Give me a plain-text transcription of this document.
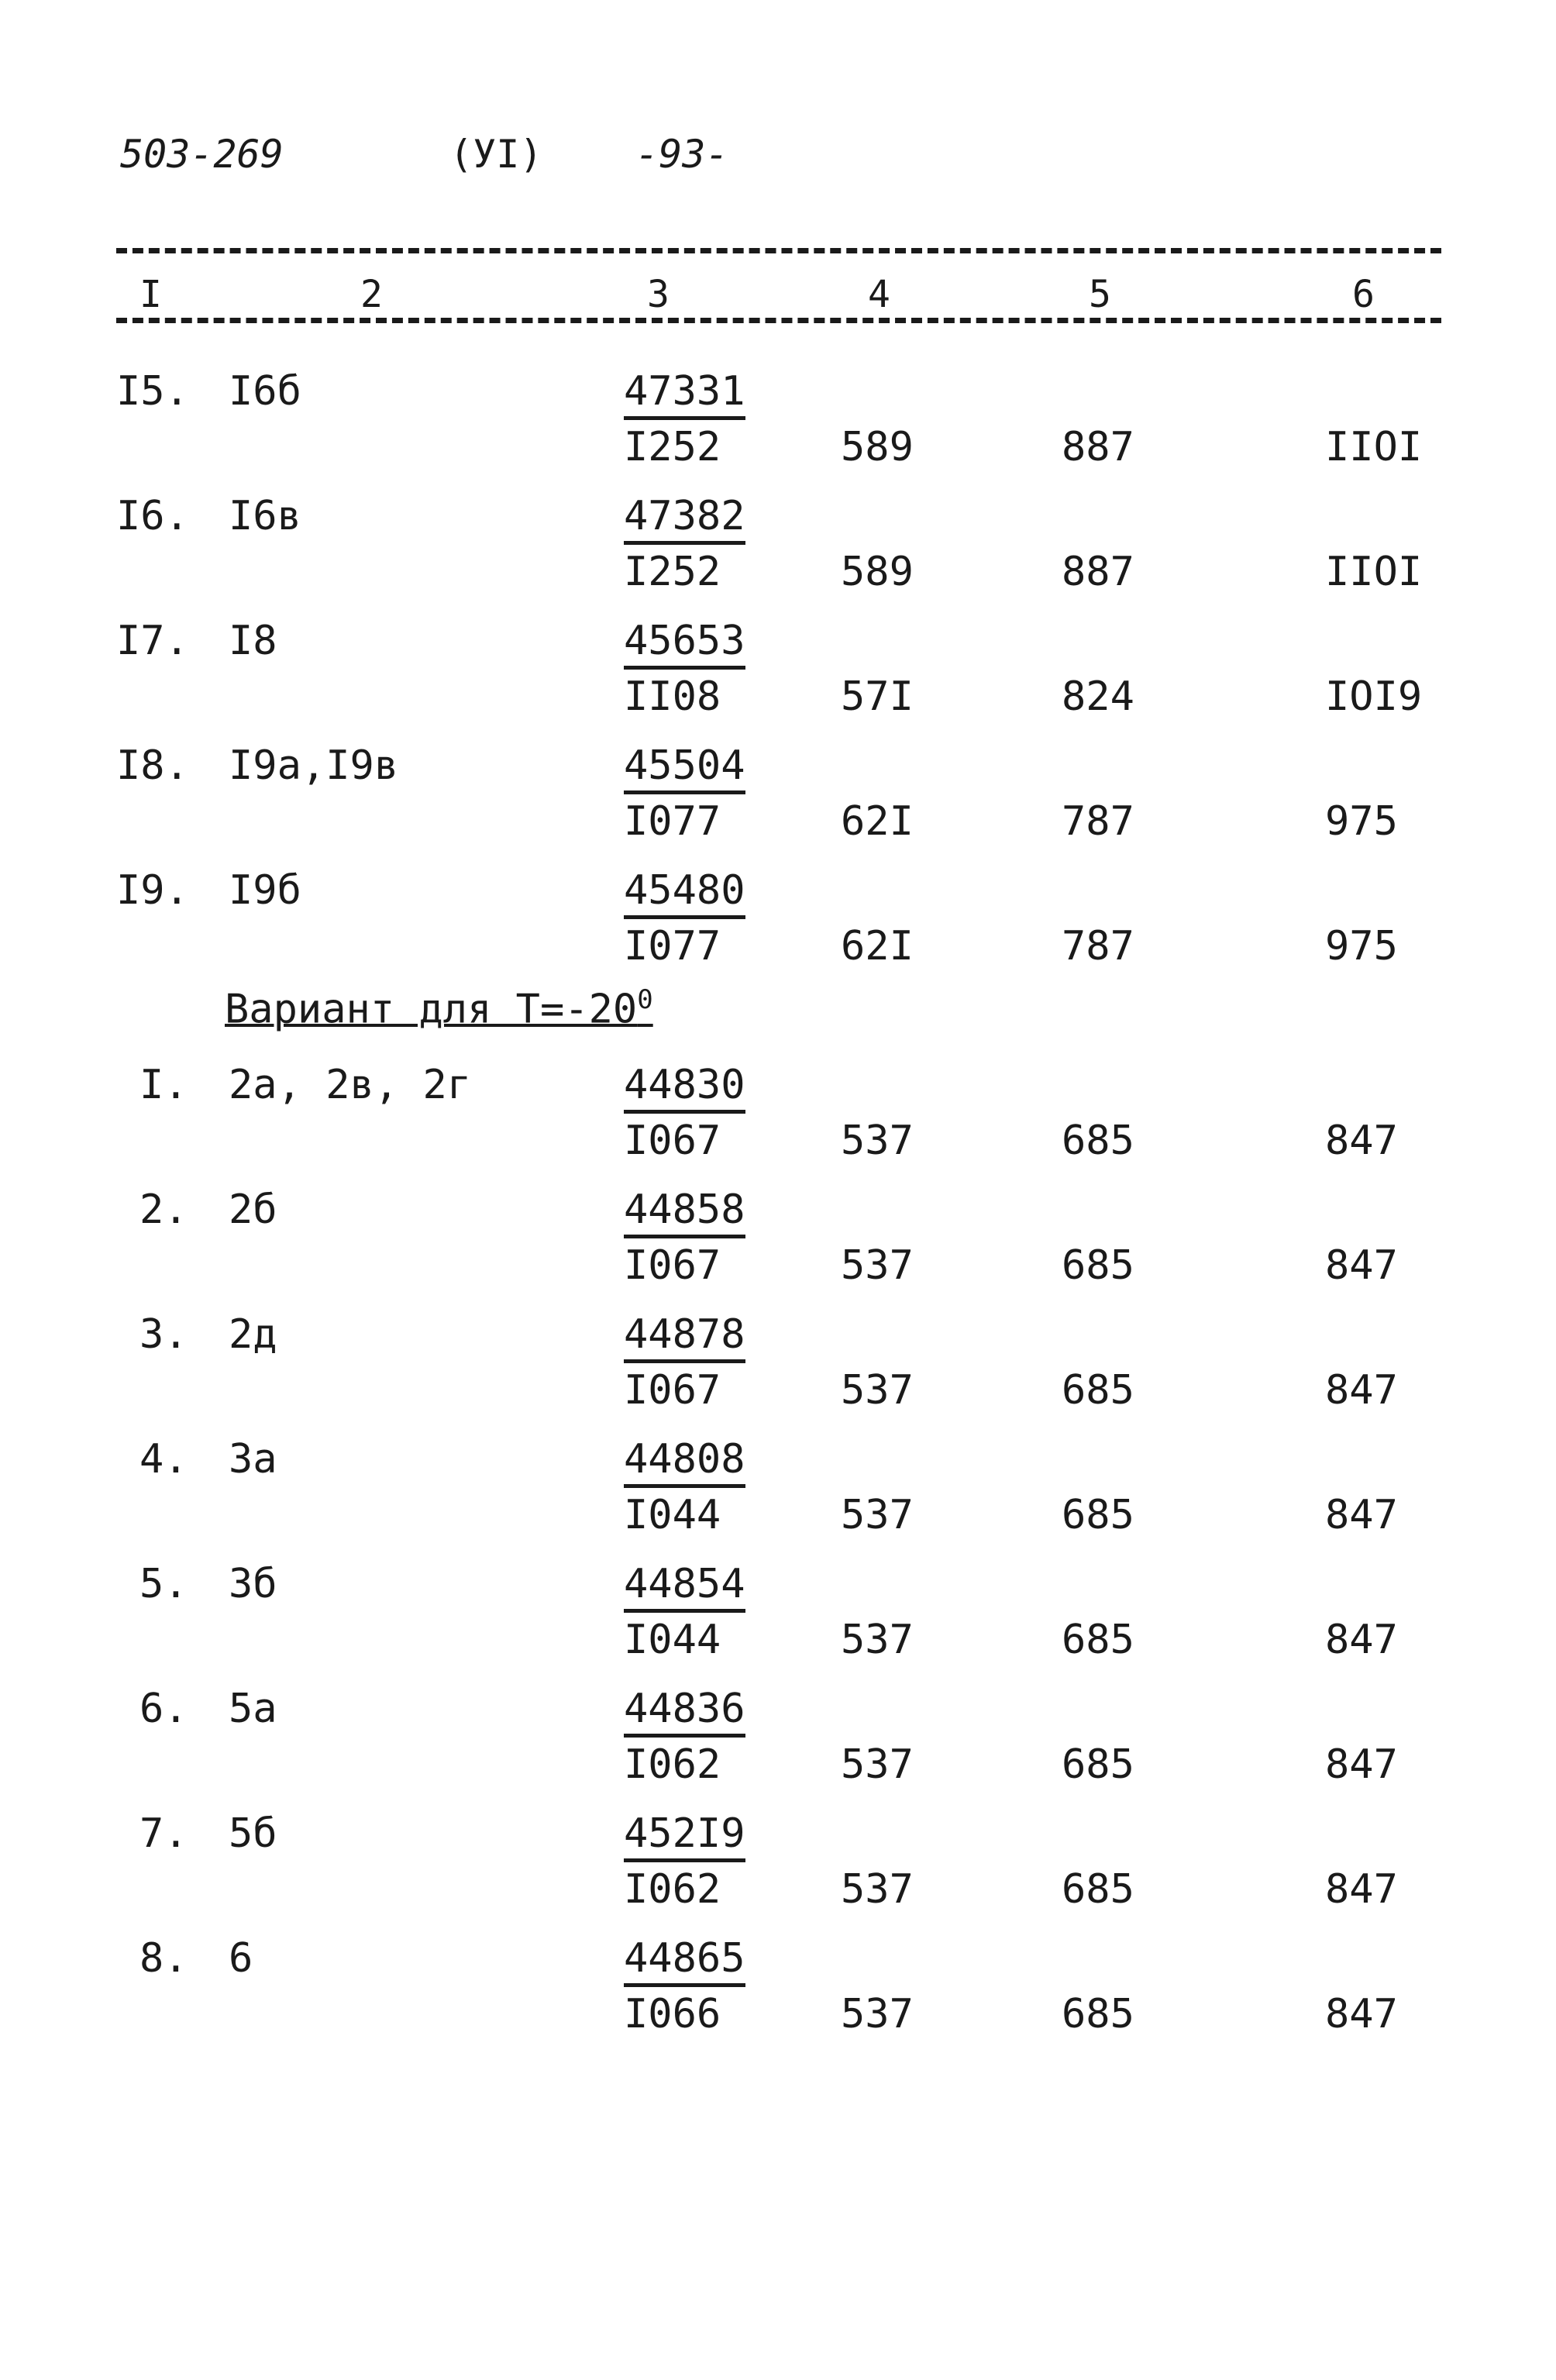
503-269	(УI) -93-
I	2	3	4	5	6
I5. I6б	47331
I252	589	887	IIOI
I6. I6в	47382
I252	589	887	IIOI
I7. I8	45653
II08	57I	824	IOI9
I8. I9а,I9в	45504
I077	62I	787	975
I9. I9б	45480
I077	62I	787	975
I. 2а, 2в, 2г	44830
I067	537	685	847
2. 2б	44858
I067	537	685	847
3. 2д	44878
I067	537	685	847
4. 3а	44808
I044	537	685	847
5. 3б	44854
I044	537	685	847
6. 5а	44836
I062	537	685	847
7. 5б	452I9
I062	537	685	847
8. 6	44865
I066	537	685	847
Вариант для $T=-20^0$
